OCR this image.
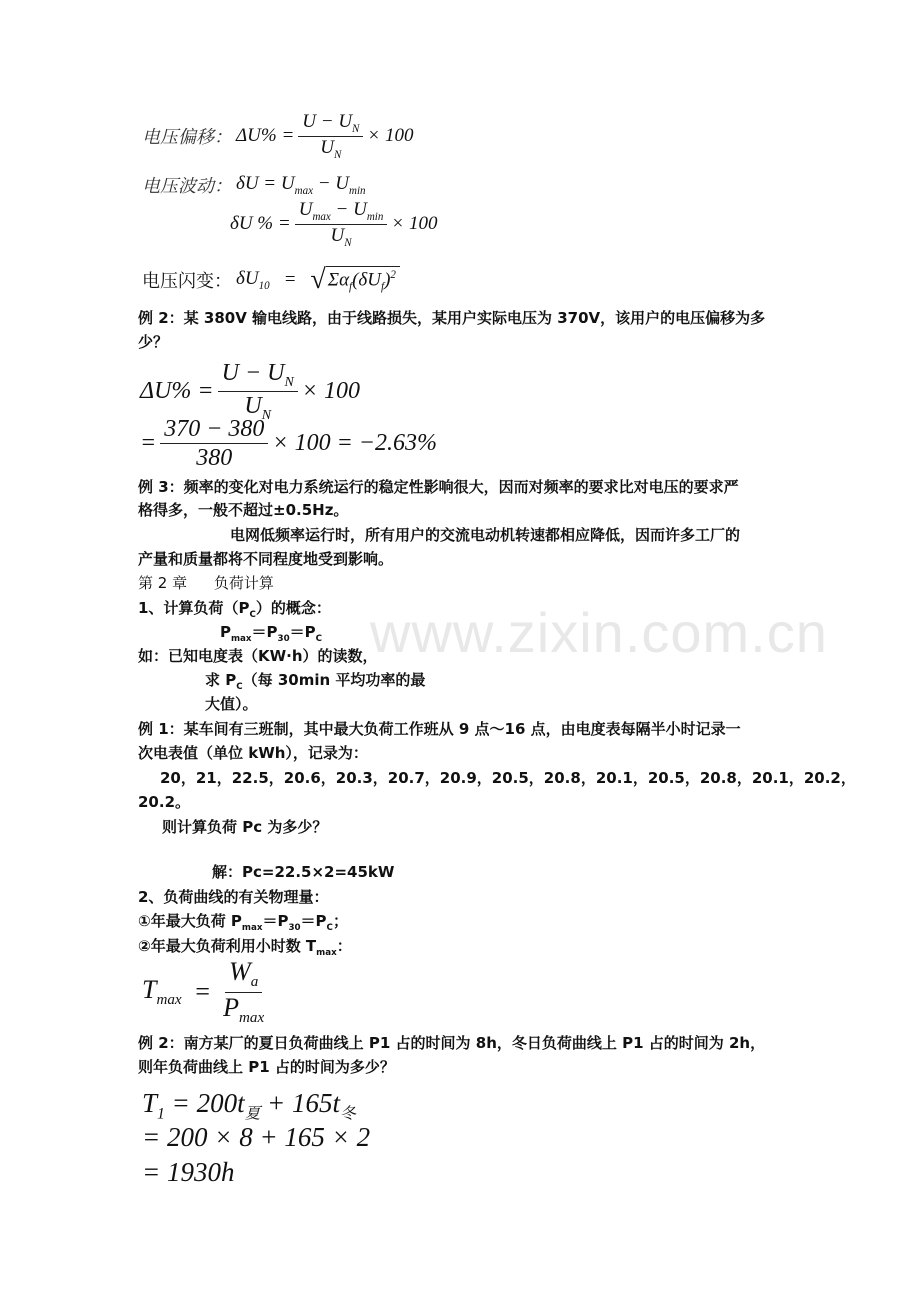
www.zixin.com.cn
电压偏移： $\Delta U\% = \frac{U - U_N}{U_N} \times 100$
电压波动： $\delta U = U_{max} - U_{min}$
δU % = $\frac{U_{max} - U_{min}}{U_N} \times 100$
电压闪变： $\delta U_{10}$ = √ $\Sigma\alpha_f(\delta U_f)^2$
例 2：某 380V 输电线路，由于线路损失，某用户实际电压为 370V，该用户的电压偏移为多
少？
$\Delta U\% = \frac{U - U_N}{U_N} \times 100$
= $\frac{370 - 380}{380} \times 100 = -2.63\%$
例 3：频率的变化对电力系统运行的稳定性影响很大，因而对频率的要求比对电压的要求严
格得多，一般不超过±0.5Hz。
电网低频率运行时，所有用户的交流电动机转速都相应降低，因而许多工厂的
产量和质量都将不同程度地受到影响。
第 2 章 负荷计算
1、计算负荷$(P_C)$的概念：
$P_{max}=P_{30}=P_C$
如：已知电度表（KW·h）的读数，
求 $P_C$（每 30min 平均功率的最
大值）。
例 1：某车间有三班制，其中最大负荷工作班从 9 点～16 点，由电度表每隔半小时记录一
次电表值（单位 kWh），记录为：
20，21，22.5，20.6，20.3，20.7，20.9，20.5，20.8，20.1，20.5，20.8，20.1，20.2，
20.2。
则计算负荷 Pc 为多少？
解：Pc=22.5×2=45kW
2、负荷曲线的有关物理量：
①年最大负荷 $P_{max}=P_{30}=P_C$；
②年最大负荷利用小时数 $T_{max}$：
$T_{max} = \frac{W_a}{P_{max}}$
例 2：南方某厂的夏日负荷曲线上 P1 占的时间为 8h，冬日负荷曲线上 P1 占的时间为 2h，
则年负荷曲线上 P1 占的时间为多少？
$T_1 = 200t_夏 + 165t_冬$
= 200 × 8 + 165 × 2
= 1930h
